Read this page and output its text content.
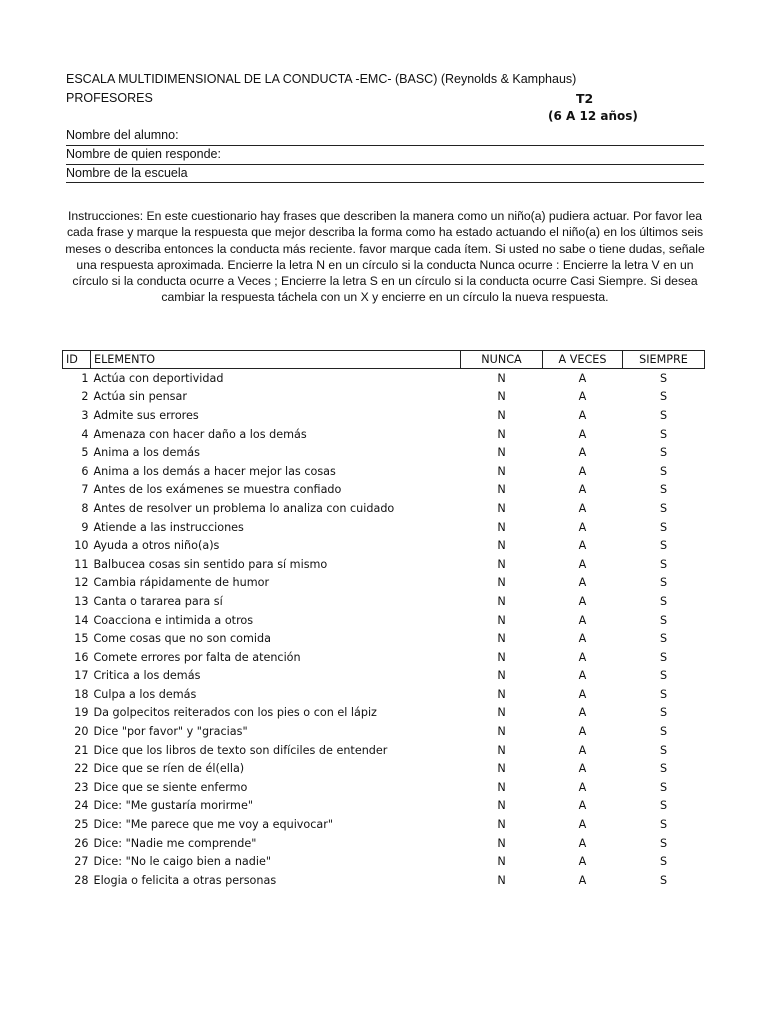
ESCALA MULTIDIMENSIONAL DE LA CONDUCTA -EMC- (BASC) (Reynolds & Kamphaus)
PROFESORES	T2
(6 A 12 años)
Nombre del alumno:
Nombre de quien responde:
Nombre de la escuela
Instrucciones: En este cuestionario hay frases que describen la manera como un niño(a) pudiera actuar. Por favor lea cada frase y marque la respuesta que mejor describa la forma como ha estado actuando el niño(a) en los últimos seis meses o describa entonces la conducta más reciente. favor marque cada ítem. Si usted no sabe o tiene dudas, señale una respuesta aproximada. Encierre la letra N en un círculo si la conducta Nunca ocurre : Encierre la letra V en un círculo si la conducta ocurre a Veces ; Encierre la letra S en un círculo si la conducta ocurre Casi Siempre. Si desea cambiar la respuesta táchela con un X y encierre en un círculo la nueva respuesta.
ID	ELEMENTO	NUNCA	A VECES	SIEMPRE
1	Actúa con deportividad	N	A	S
2	Actúa sin pensar	N	A	S
3	Admite sus errores	N	A	S
4	Amenaza con hacer daño a los demás	N	A	S
5	Anima a los demás	N	A	S
6	Anima a los demás a hacer mejor las cosas	N	A	S
7	Antes de los exámenes se muestra confiado	N	A	S
8	Antes de resolver un problema lo analiza con cuidado	N	A	S
9	Atiende a las instrucciones	N	A	S
10	Ayuda a otros niño(a)s	N	A	S
11	Balbucea cosas sin sentido para sí mismo	N	A	S
12	Cambia rápidamente de humor	N	A	S
13	Canta o tararea para sí	N	A	S
14	Coacciona e intimida a otros	N	A	S
15	Come cosas que no son comida	N	A	S
16	Comete errores por falta de atención	N	A	S
17	Critica a los demás	N	A	S
18	Culpa a los demás	N	A	S
19	Da golpecitos reiterados con los pies o con el lápiz	N	A	S
20	Dice "por favor" y "gracias"	N	A	S
21	Dice que los libros de texto son difíciles de entender	N	A	S
22	Dice que se ríen de él(ella)	N	A	S
23	Dice que se siente enfermo	N	A	S
24	Dice: "Me gustaría morirme"	N	A	S
25	Dice: "Me parece que me voy a equivocar"	N	A	S
26	Dice: "Nadie me comprende"	N	A	S
27	Dice: "No le caigo bien a nadie"	N	A	S
28	Elogia o felicita a otras personas	N	A	S
